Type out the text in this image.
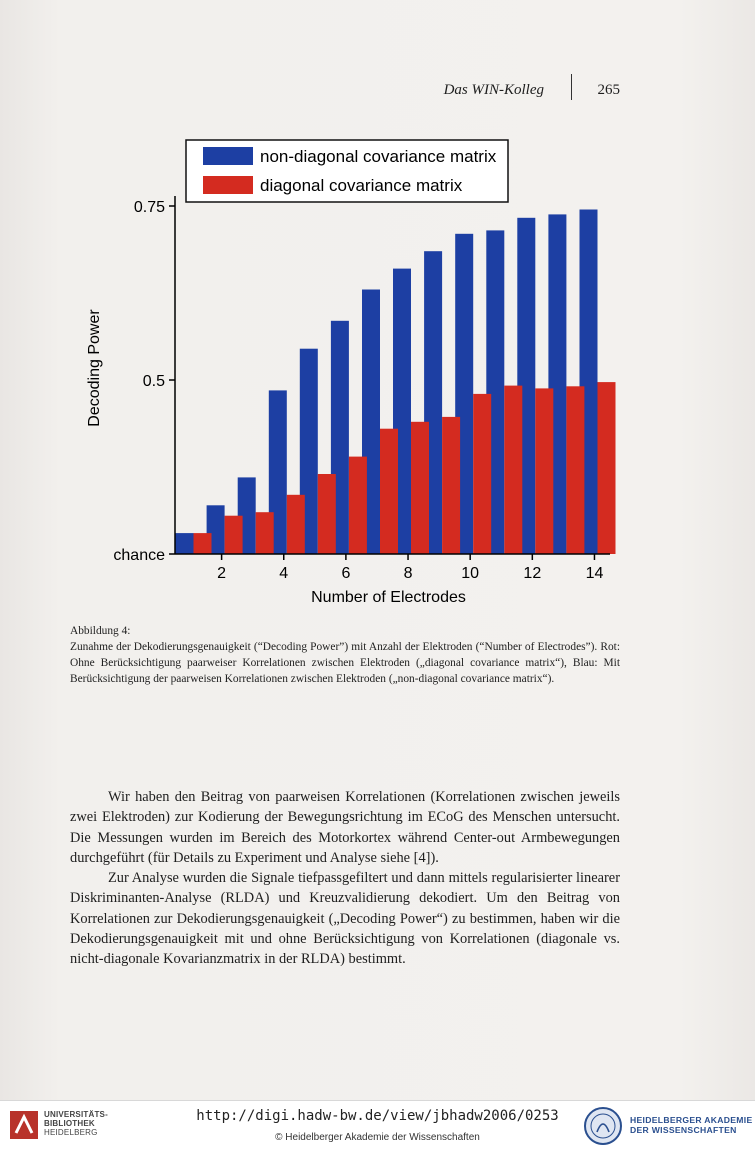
Das WIN-Kolleg	265
non-diagonal covariance matrix
diagonal covariance matrix
chance
0.5
0.75
2	4	6	8	10	12	14
Number of Electrodes
Decoding Power
Abbildung 4:
Zunahme der Dekodierungsgenauigkeit (“Decoding Power”) mit Anzahl der Elektroden (“Number of Electrodes”). Rot: Ohne Berücksichtigung paarweiser Korrelationen zwischen Elektroden („diagonal covariance matrix“), Blau: Mit Berücksichtigung der paarweisen Korrelationen zwischen Elektroden („non-diagonal covariance matrix“).

Wir haben den Beitrag von paarweisen Korrelationen (Korrelationen zwischen jeweils zwei Elektroden) zur Kodierung der Bewegungsrichtung im ECoG des Menschen untersucht. Die Messungen wurden im Bereich des Motorkortex während Center-out Armbewegungen durchgeführt (für Details zu Experiment und Analyse siehe [4]).

Zur Analyse wurden die Signale tiefpassgefiltert und dann mittels regularisierter linearer Diskriminanten-Analyse (RLDA) und Kreuzvalidierung dekodiert. Um den Beitrag von Korrelationen zur Dekodierungsgenauigkeit („Decoding Power“) zu bestimmen, haben wir die Dekodierungsgenauigkeit mit und ohne Berücksichtigung von Korrelationen (diagonale vs. nicht-diagonale Kovarianzmatrix in der RLDA) bestimmt.

UNIVERSITÄTS-
BIBLIOTHEK
HEIDELBERG
http://digi.hadw-bw.de/view/jbhadw2006/0253
© Heidelberger Akademie der Wissenschaften
HEIDELBERGER AKADEMIE
DER WISSENSCHAFTEN
